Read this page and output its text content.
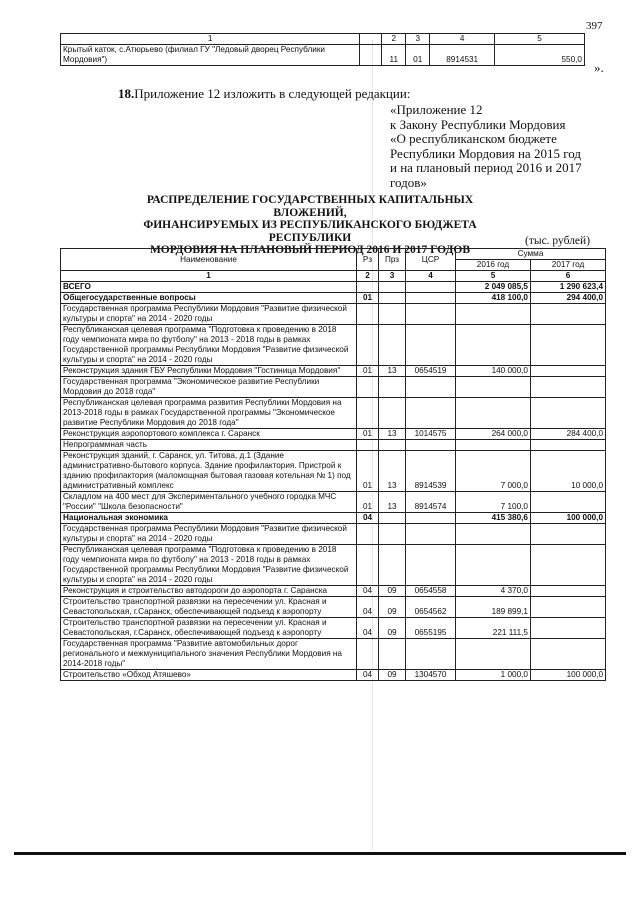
397
1		2	3	4	5
Крытый каток, с.Атюрьево (филиал ГУ "Ледовый дворец Республики Мордовия")		11	01	8914531	550,0
».
18.Приложение 12 изложить в следующей редакции:
«Приложение 12
к Закону Республики Мордовия
«О республиканском бюджете
Республики Мордовия на 2015 год
и на плановый период 2016 и 2017
годов»
РАСПРЕДЕЛЕНИЕ ГОСУДАРСТВЕННЫХ КАПИТАЛЬНЫХ ВЛОЖЕНИЙ,
ФИНАНСИРУЕМЫХ ИЗ РЕСПУБЛИКАНСКОГО БЮДЖЕТА РЕСПУБЛИКИ
МОРДОВИЯ НА ПЛАНОВЫЙ ПЕРИОД 2016 И 2017 ГОДОВ
(тыс. рублей)
Наименование	Рз	Прз	ЦСР	Сумма	
				2016 год	2017 год
1	2	3	4	5	6
ВСЕГО				2 049 085,5	1 290 623,4
Общегосударственные вопросы	01			418 100,0	294 400,0
Государственная программа Республики Мордовия "Развитие физической культуры и спорта" на 2014 - 2020 годы					
Республиканская целевая программа "Подготовка к проведению в 2018 году чемпионата мира по футболу" на 2013 - 2018 годы в рамках Государственной программы Республики Мордовия "Развитие физической культуры и спорта" на 2014 - 2020 годы					
Реконструкция здания ГБУ Республики Мордовия "Гостиница Мордовия"	01	13	0654519	140 000,0	
Государственная программа "Экономическое развитие Республики Мордовия до 2018 года"					
Республиканская целевая программа развития Республики Мордовия на 2013-2018 годы в рамках Государственной программы "Экономическое развитие Республики Мордовия до 2018 года"					
Реконструкция аэропортового комплекса г. Саранск	01	13	1014575	264 000,0	284 400,0
Непрограммная часть					
Реконструкция зданий, г. Саранск, ул. Титова, д.1 (Здание административно-бытового корпуса. Здание профилактория. Пристрой к зданию профилактория (маломощная бытовая газовая котельная № 1) под административный комплекс	01	13	8914539	7 000,0	10 000,0
Складлом на 400 мест для Экспериментального учебного городка МЧС "России" "Школа безопасности"	01	13	8914574	7 100,0	
Национальная экономика	04			415 380,6	100 000,0
Государственная программа Республики Мордовия "Развитие физической культуры и спорта" на 2014 - 2020 годы					
Республиканская целевая программа "Подготовка к проведению в 2018 году чемпионата мира по футболу" на 2013 - 2018 годы в рамках Государственной программы Республики Мордовия "Развитие физической культуры и спорта" на 2014 - 2020 годы					
Реконструкция и строительство автодороги до аэропорта г. Саранска	04	09	0654558	4 370,0	
Строительство транспортной развязки на пересечении ул. Красная и Севастопольская, г.Саранск, обеспечивающей подъезд к аэропорту	04	09	0654562	189 899,1	
Строительство транспортной развязки на пересечении ул. Красная и Севастопольская, г.Саранск, обеспечивающей подъезд к аэропорту	04	09	0655195	221 111,5	
Государственная программа "Развитие автомобильных дорог регионального и межмуниципального значения Республики Мордовия на 2014-2018 годы"					
Строительство «Обход Атяшево»	04	09	1304570	1 000,0	100 000,0
